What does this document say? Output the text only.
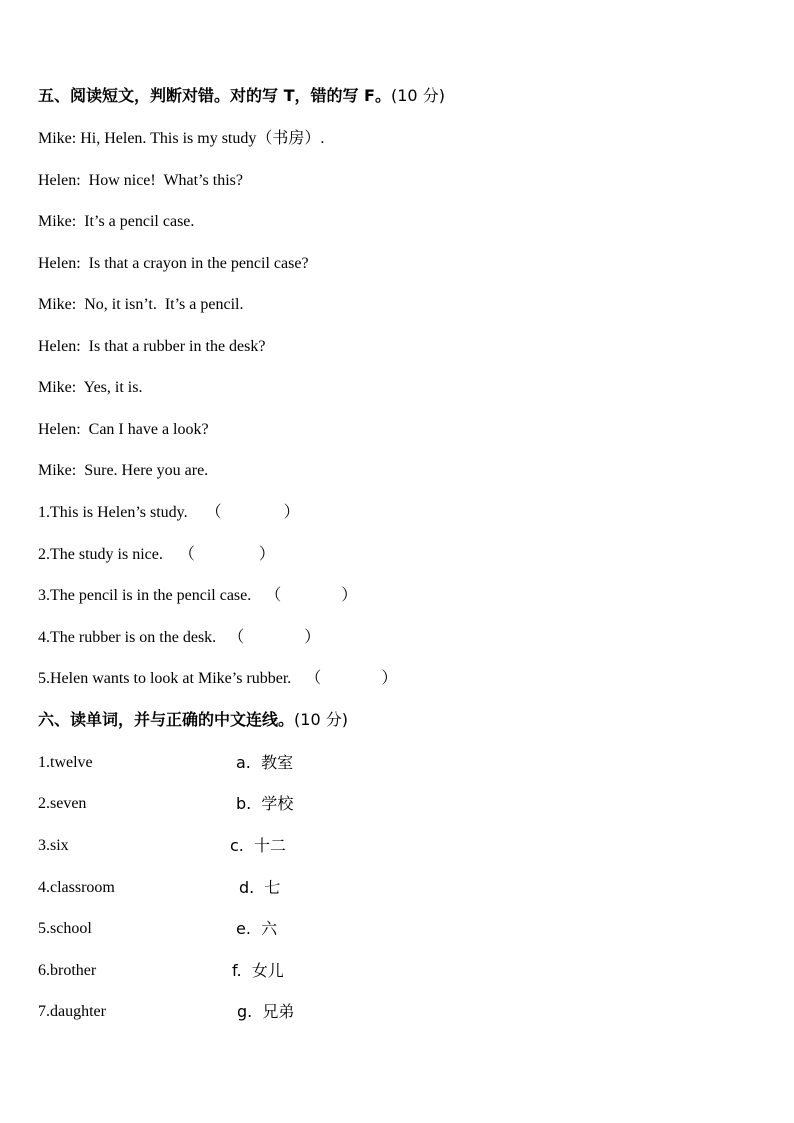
五、阅读短文，判断对错。对的写 T，错的写 F。(10 分)
Mike: Hi, Helen. This is my study（书房）.
Helen:  How nice!  What’s this?
Mike:  It’s a pencil case.
Helen:  Is that a crayon in the pencil case?
Mike:  No, it isn’t.  It’s a pencil.
Helen:  Is that a rubber in the desk?
Mike:  Yes, it is.
Helen:  Can I have a look?
Mike:  Sure. Here you are.
1.This is Helen’s study. （	）
2.The study is nice. （	）
3.The pencil is in the pencil case. （	）
4.The rubber is on the desk. （	）
5.Helen wants to look at Mike’s rubber. （	）
六、读单词，并与正确的中文连线。(10 分)
1.twelve	a.  教室
2.seven	b.  学校
3.six	c.  十二
4.classroom	d.  七
5.school	e.  六
6.brother	f.  女儿
7.daughter	g.  兄弟
